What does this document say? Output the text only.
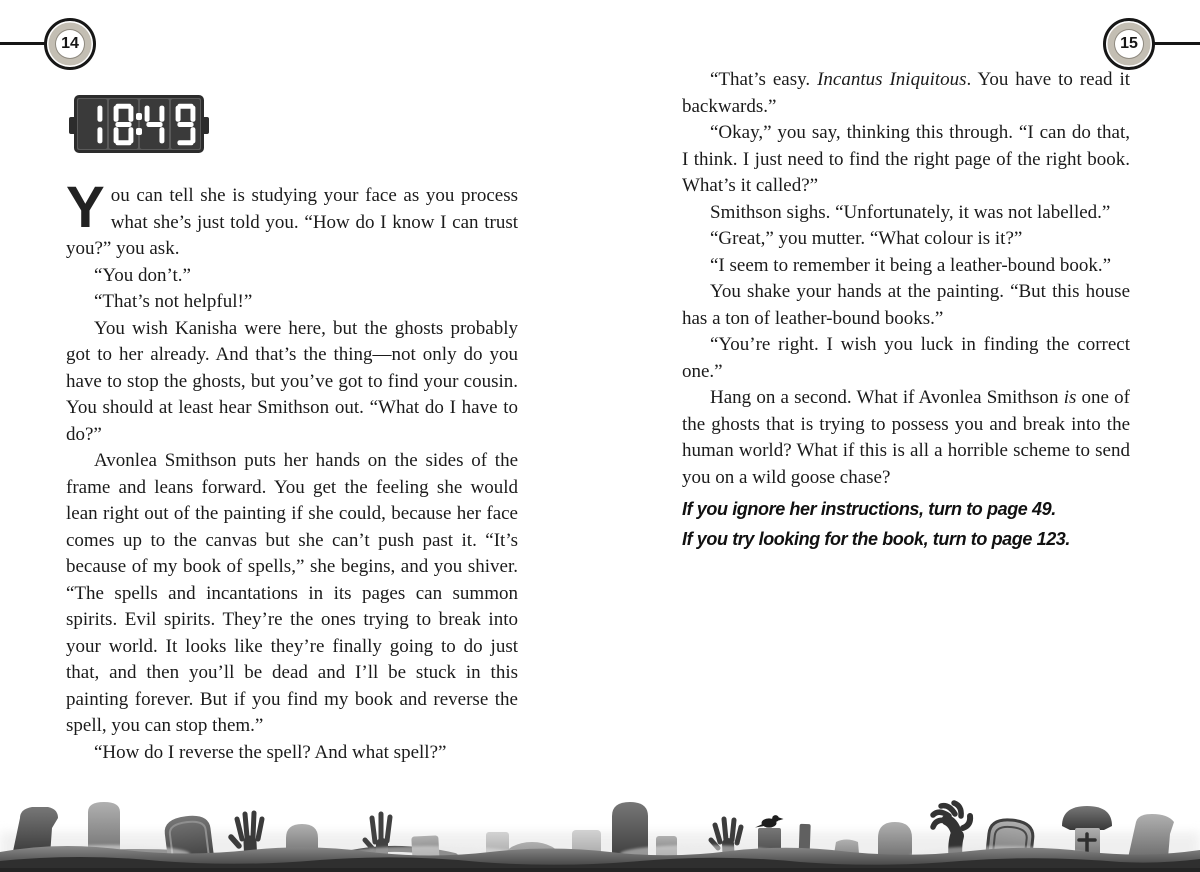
14	15

You can tell she is studying your face as you process what she’s just told you. “How do I know I can trust you?” you ask.

“You don’t.”

“That’s not helpful!”

You wish Kanisha were here, but the ghosts probably got to her already. And that’s the thing—not only do you have to stop the ghosts, but you’ve got to find your cousin. You should at least hear Smithson out. “What do I have to do?”

Avonlea Smithson puts her hands on the sides of the frame and leans forward. You get the feeling she would lean right out of the painting if she could, because her face comes up to the canvas but she can’t push past it. “It’s because of my book of spells,” she begins, and you shiver. “The spells and incantations in its pages can summon spirits. Evil spirits. They’re the ones trying to break into your world. It looks like they’re finally going to do just that, and then you’ll be dead and I’ll be stuck in this painting forever. But if you find my book and reverse the spell, you can stop them.”

“How do I reverse the spell? And what spell?”

“That’s easy. Incantus Iniquitous. You have to read it backwards.”

“Okay,” you say, thinking this through. “I can do that, I think. I just need to find the right page of the right book. What’s it called?”

Smithson sighs. “Unfortunately, it was not labelled.”

“Great,” you mutter. “What colour is it?”

“I seem to remember it being a leather-bound book.”

You shake your hands at the painting. “But this house has a ton of leather-bound books.”

“You’re right. I wish you luck in finding the correct one.”

Hang on a second. What if Avonlea Smithson is one of the ghosts that is trying to possess you and break into the human world? What if this is all a horrible scheme to send you on a wild goose chase?

If you ignore her instructions, turn to page 49.

If you try looking for the book, turn to page 123.
